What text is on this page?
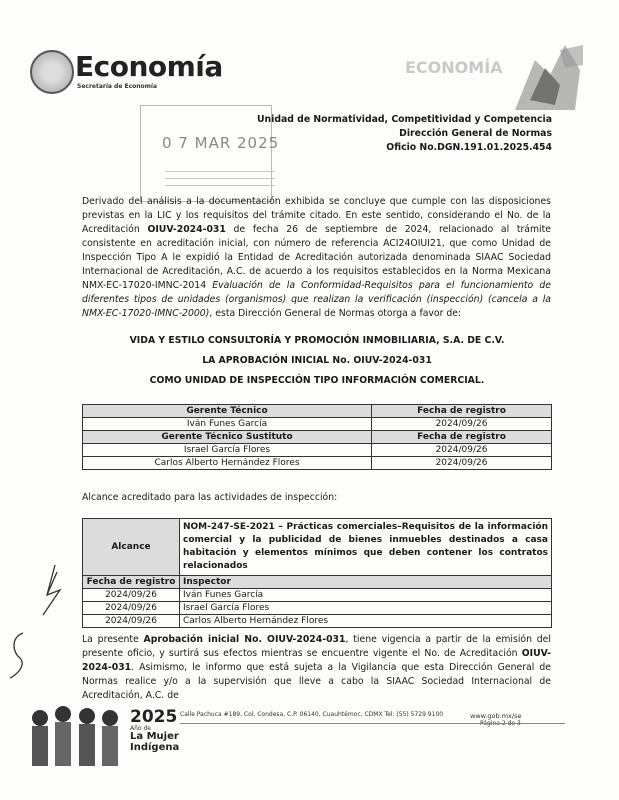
Economía
Secretaría de Economía
ECONOMÍA
0 7 MAR 2025
Unidad de Normatividad, Competitividad y Competencia
Dirección General de Normas
Oficio No.DGN.191.01.2025.454
Derivado del análisis a la documentación exhibida se concluye que cumple con las disposiciones previstas en la LIC y los requisitos del trámite citado. En este sentido, considerando el No. de la Acreditación OIUV-2024-031 de fecha 26 de septiembre de 2024, relacionado al trámite consistente en acreditación inicial, con número de referencia ACI24OIUI21, que como Unidad de Inspección Tipo A le expidió la Entidad de Acreditación autorizada denominada SIAAC Sociedad Internacional de Acreditación, A.C. de acuerdo a los requisitos establecidos en la Norma Mexicana NMX-EC-17020-IMNC-2014 Evaluación de la Conformidad-Requisitos para el funcionamiento de diferentes tipos de unidades (organismos) que realizan la verificación (inspección) (cancela a la NMX-EC-17020-IMNC-2000), esta Dirección General de Normas otorga a favor de:
VIDA Y ESTILO CONSULTORÍA Y PROMOCIÓN INMOBILIARIA, S.A. DE C.V.
LA APROBACIÓN INICIAL No. OIUV-2024-031
COMO UNIDAD DE INSPECCIÓN TIPO INFORMACIÓN COMERCIAL.
Gerente Técnico	Fecha de registro
Iván Funes García	2024/09/26
Gerente Técnico Sustituto	Fecha de registro
Israel García Flores	2024/09/26
Carlos Alberto Hernández Flores	2024/09/26
Alcance acreditado para las actividades de inspección:
Alcance	NOM-247-SE-2021 – Prácticas comerciales–Requisitos de la información comercial y la publicidad de bienes inmuebles destinados a casa habitación y elementos mínimos que deben contener los contratos relacionados
Fecha de registro	Inspector
2024/09/26	Iván Funes García
2024/09/26	Israel García Flores
2024/09/26	Carlos Alberto Hernández Flores
La presente Aprobación inicial No. OIUV-2024-031, tiene vigencia a partir de la emisión del presente oficio, y surtirá sus efectos mientras se encuentre vigente el No. de Acreditación OIUV-2024-031. Asimismo, le informo que está sujeta a la Vigilancia que esta Dirección General de Normas realice y/o a la supervisión que lleve a cabo la SIAAC Sociedad Internacional de Acreditación, A.C. de
2025
Año de
La Mujer Indígena
Calle Pachuca #189, Col. Condesa, C.P. 06140, Cuauhtémoc, CDMX Tel: (55) 5729 9100	www.gob.mx/se
